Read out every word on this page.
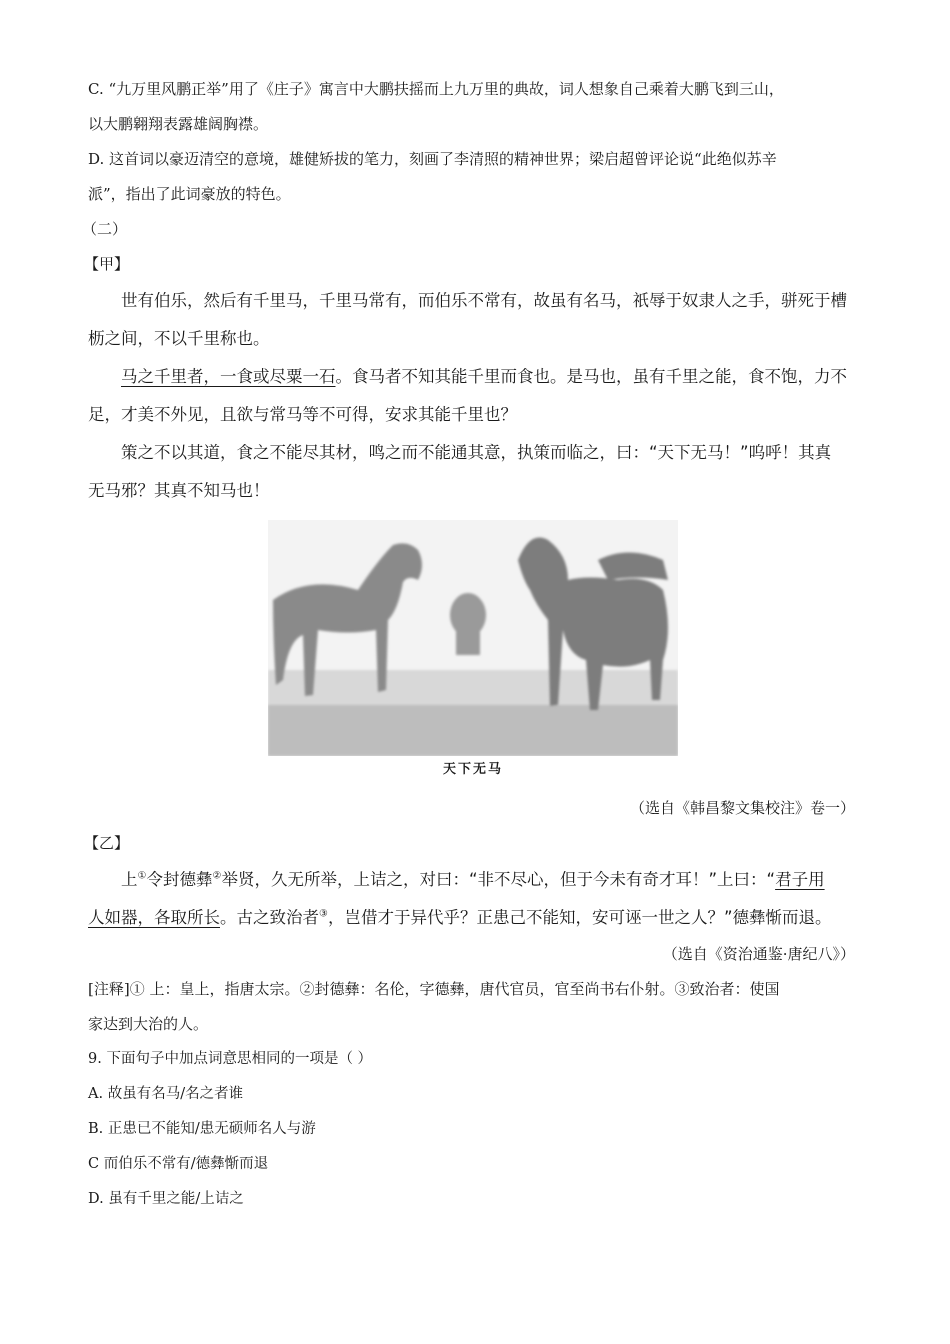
C. “九万里风鹏正举”用了《庄子》寓言中大鹏扶摇而上九万里的典故，词人想象自己乘着大鹏飞到三山，

以大鹏翱翔表露雄阔胸襟。

D. 这首词以豪迈清空的意境，雄健矫拔的笔力，刻画了李清照的精神世界；梁启超曾评论说“此绝似苏辛

派”，指出了此词豪放的特色。

（二）

【甲】

世有伯乐，然后有千里马，千里马常有，而伯乐不常有，故虽有名马，祇辱于奴隶人之手，骈死于槽

枥之间，不以千里称也。

马之千里者，一食或尽粟一石。食马者不知其能千里而食也。是马也，虽有千里之能，食不饱，力不

足，才美不外见，且欲与常马等不可得，安求其能千里也？

策之不以其道，食之不能尽其材，鸣之而不能通其意，执策而临之，曰：“天下无马！”呜呼！其真

无马邪？其真不知马也！

天下无马

（选自《韩昌黎文集校注》卷一）

【乙】

上①令封德彝②举贤，久无所举，上诘之，对曰：“非不尽心，但于今未有奇才耳！”上曰：“君子用

人如器，各取所长。古之致治者③，岂借才于异代乎？正患己不能知，安可诬一世之人？”德彝惭而退。

（选自《资治通鉴·唐纪八》）

[注释]① 上：皇上，指唐太宗。②封德彝：名伦，字德彝，唐代官员，官至尚书右仆射。③致治者：使国

家达到大治的人。

9. 下面句子中加点词意思相同的一项是（ ）

A. 故虽有名马/名之者谁

B. 正患已不能知/患无硕师名人与游

C 而伯乐不常有/德彝惭而退

D. 虽有千里之能/上诘之
